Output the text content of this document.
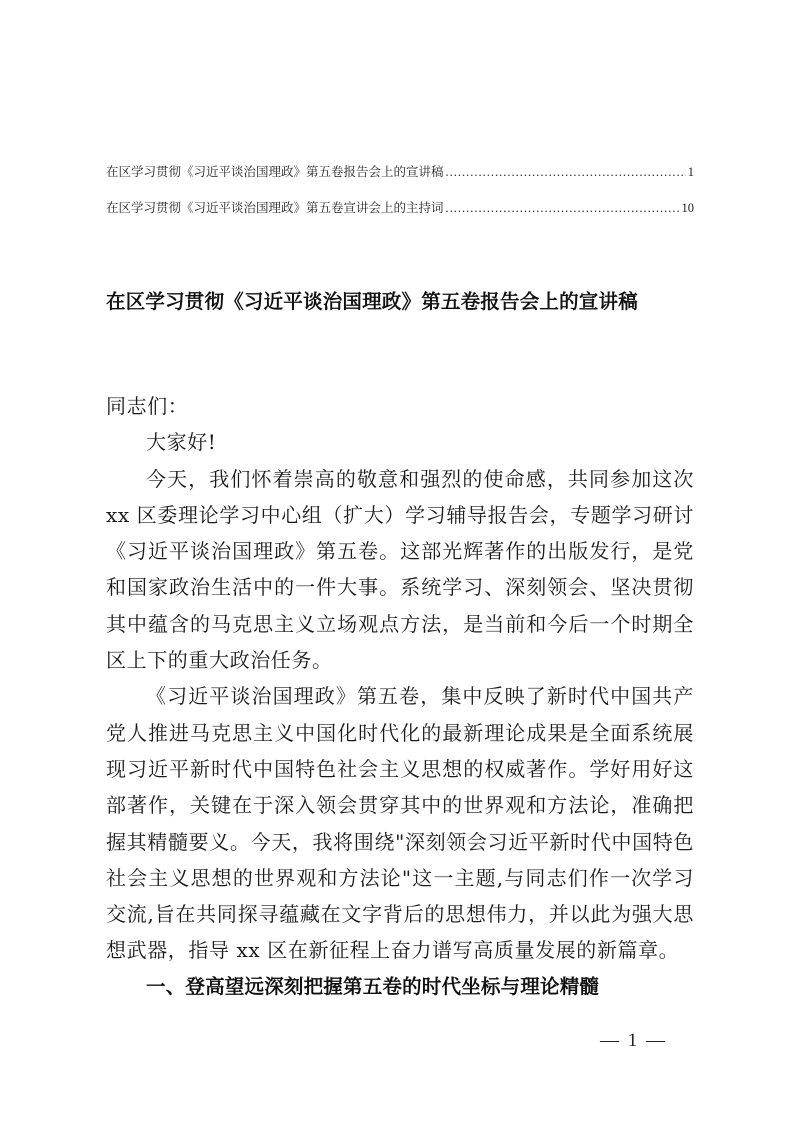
在区学习贯彻《习近平谈治国理政》第五卷报告会上的宣讲稿 .....	1
在区学习贯彻《习近平谈治国理政》第五卷宣讲会上的主持词 .....	10
在区学习贯彻《习近平谈治国理政》第五卷报告会上的宣讲稿

同志们：

大家好!

今天，我们怀着崇高的敬意和强烈的使命感，共同参加这次 xx 区委理论学习中心组（扩大）学习辅导报告会，专题学习研讨《习近平谈治国理政》第五卷。这部光辉著作的出版发行，是党和国家政治生活中的一件大事。系统学习、深刻领会、坚决贯彻其中蕴含的马克思主义立场观点方法，是当前和今后一个时期全区上下的重大政治任务。

《习近平谈治国理政》第五卷，集中反映了新时代中国共产党人推进马克思主义中国化时代化的最新理论成果是全面系统展现习近平新时代中国特色社会主义思想的权威著作。学好用好这部著作，关键在于深入领会贯穿其中的世界观和方法论，准确把握其精髓要义。今天，我将围绕"深刻领会习近平新时代中国特色社会主义思想的世界观和方法论"这一主题,与同志们作一次学习交流,旨在共同探寻蕴藏在文字背后的思想伟力，并以此为强大思想武器，指导 xx 区在新征程上奋力谱写高质量发展的新篇章。

一、登高望远深刻把握第五卷的时代坐标与理论精髓

— 1 —
